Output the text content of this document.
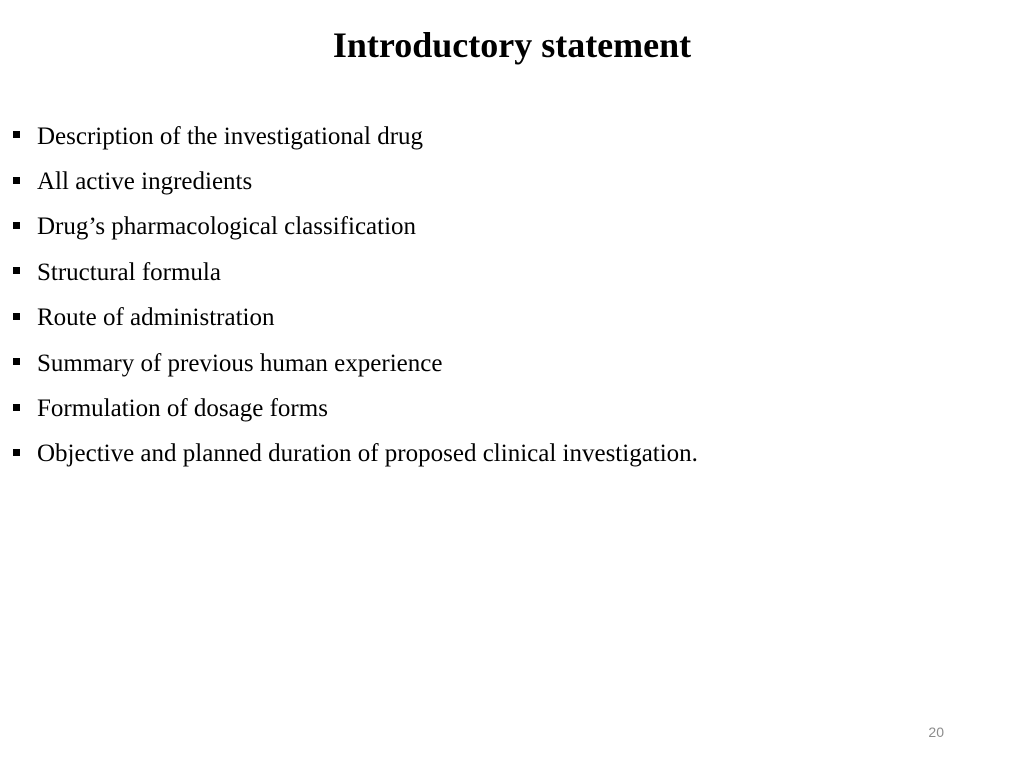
Introductory statement
Description of the investigational drug
All active ingredients
Drug’s pharmacological classification
Structural formula
Route of administration
Summary of previous human experience
Formulation of dosage forms
Objective and planned duration of proposed clinical investigation.
20
